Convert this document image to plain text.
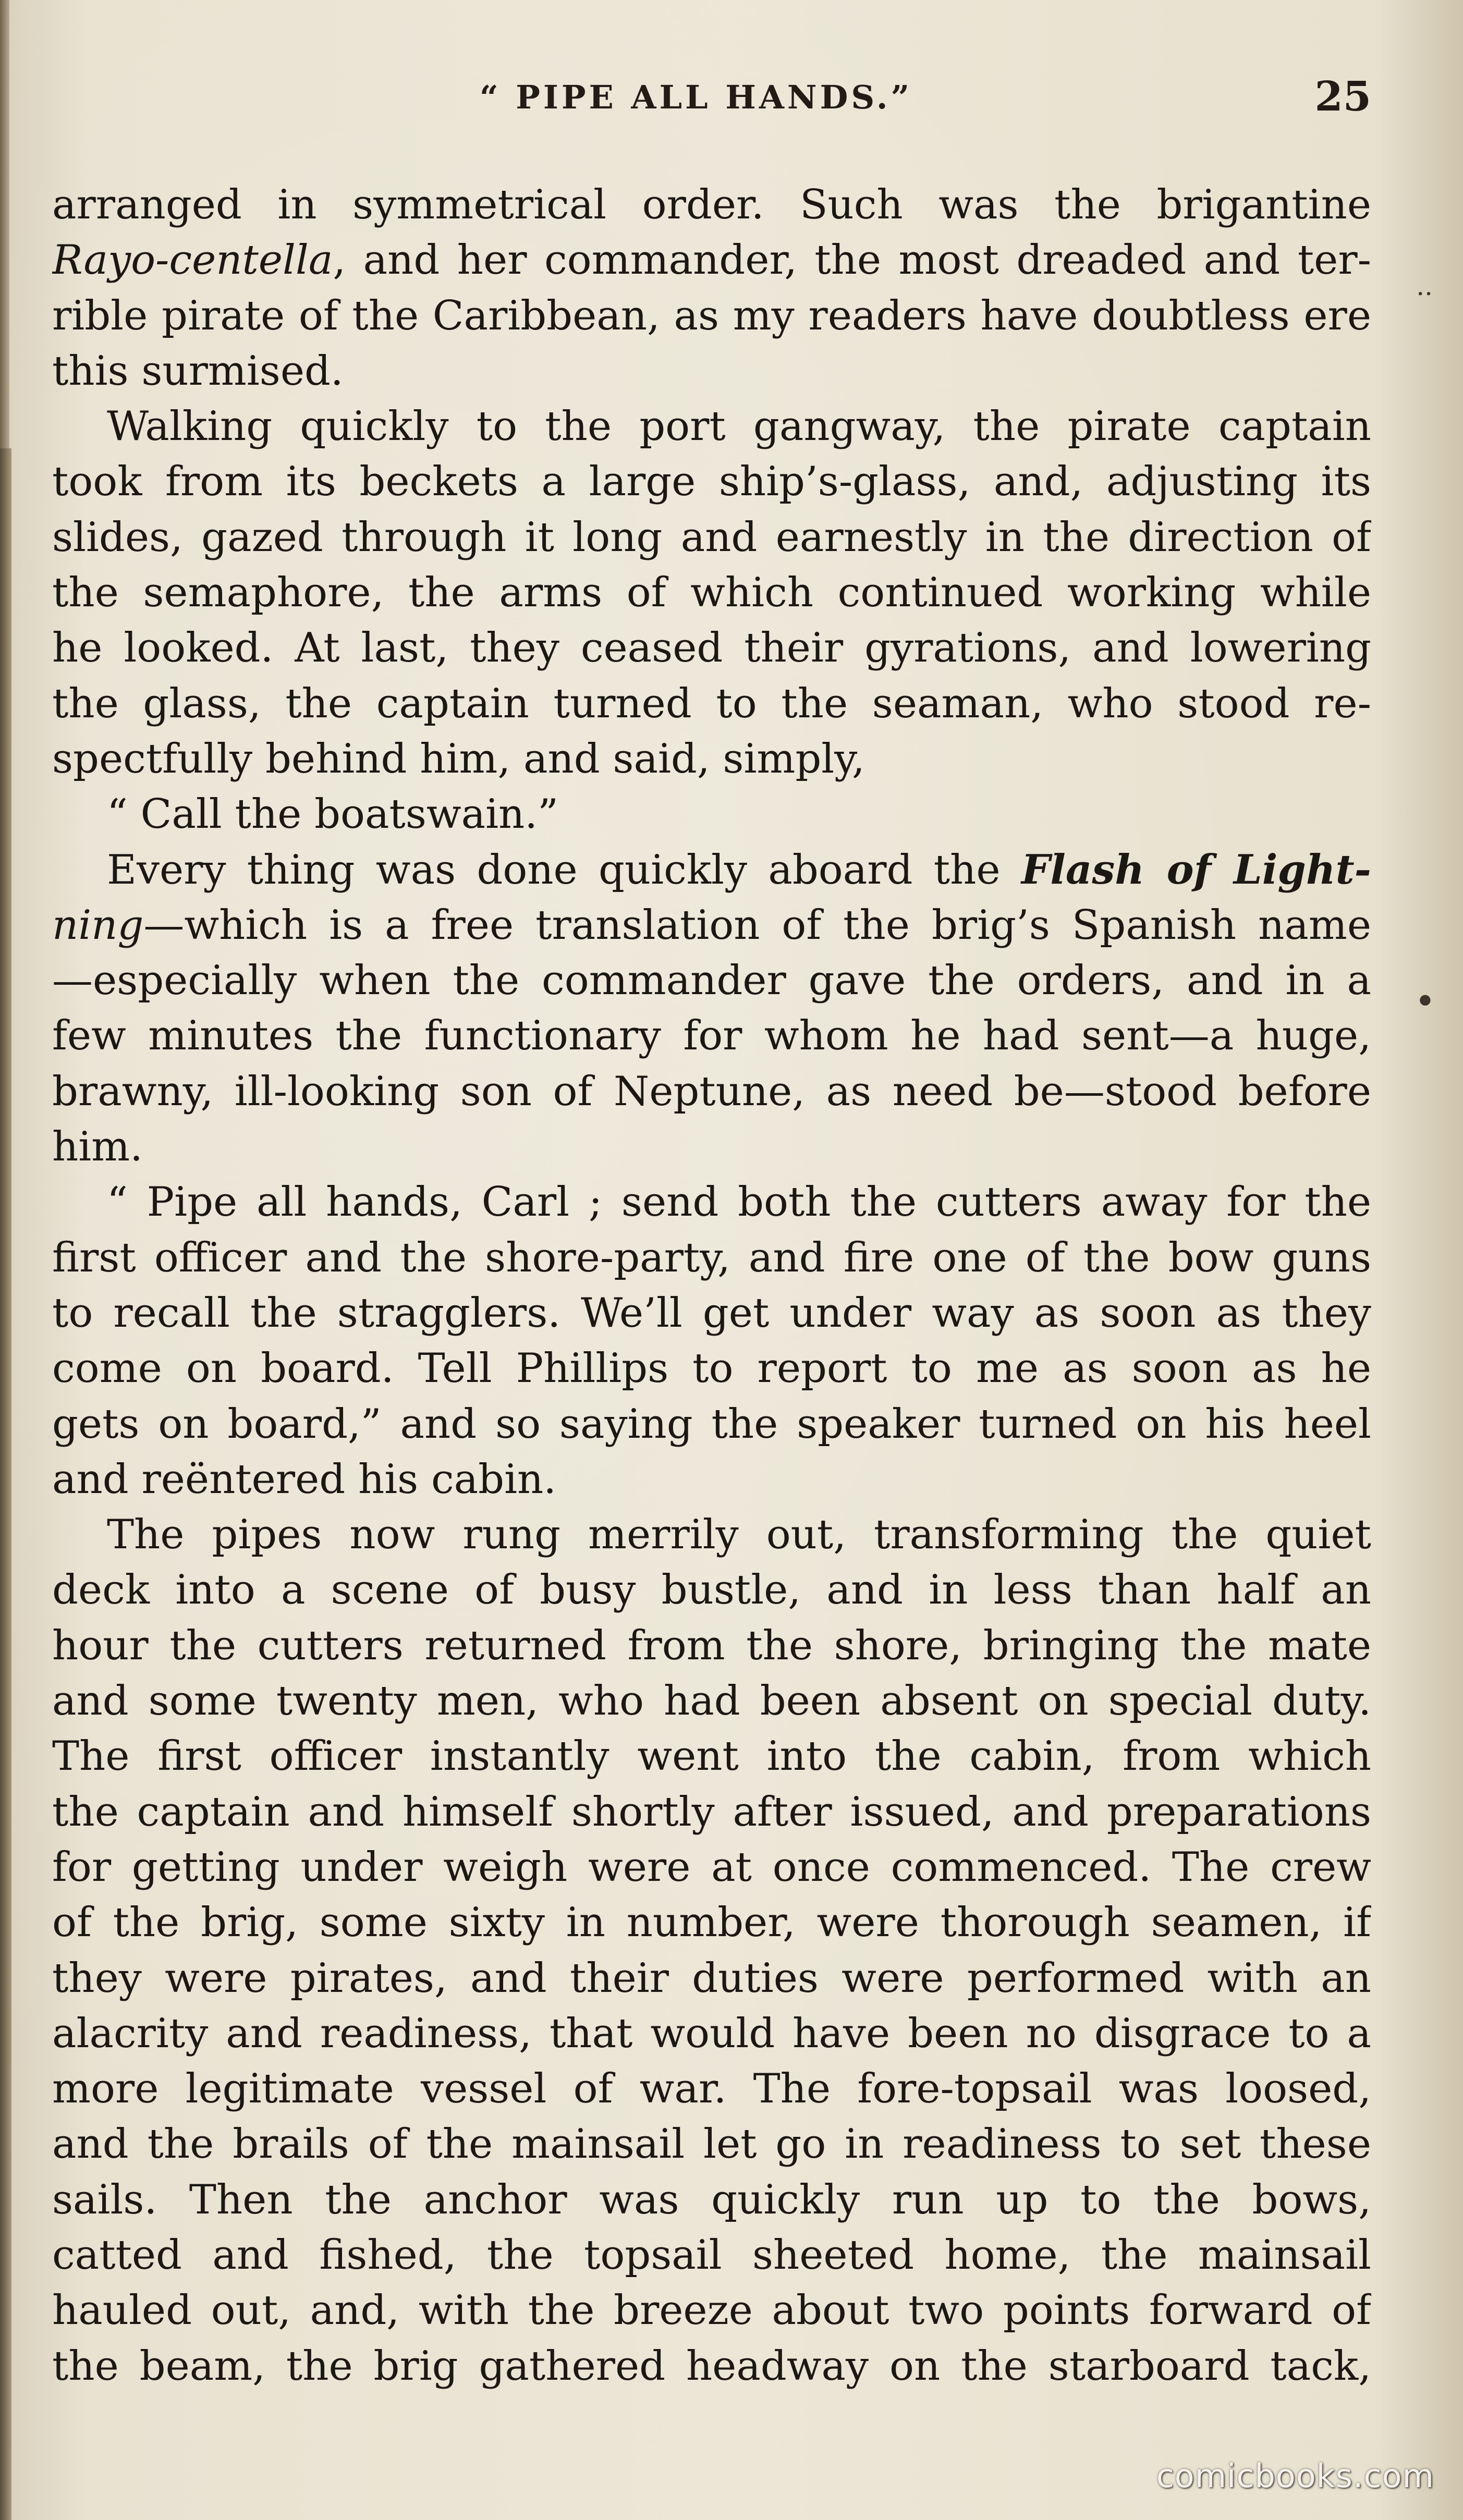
“ PIPE ALL HANDS.”	25
..
•
arranged in symmetrical order. Such was the brigantine
Rayo-centella, and her commander, the most dreaded and ter-
rible pirate of the Caribbean, as my readers have doubtless ere
this surmised.
Walking quickly to the port gangway, the pirate captain
took from its beckets a large ship’s-glass, and, adjusting its
slides, gazed through it long and earnestly in the direction of
the semaphore, the arms of which continued working while
he looked. At last, they ceased their gyrations, and lowering
the glass, the captain turned to the seaman, who stood re-
spectfully behind him, and said, simply,
“ Call the boatswain.”
Every thing was done quickly aboard the Flash of Light-
ning—which is a free translation of the brig’s Spanish name
—especially when the commander gave the orders, and in a
few minutes the functionary for whom he had sent—a huge,
brawny, ill-looking son of Neptune, as need be—stood before
him.
“ Pipe all hands, Carl ; send both the cutters away for the
first officer and the shore-party, and fire one of the bow guns
to recall the stragglers. We’ll get under way as soon as they
come on board. Tell Phillips to report to me as soon as he
gets on board,” and so saying the speaker turned on his heel
and reëntered his cabin.
The pipes now rung merrily out, transforming the quiet
deck into a scene of busy bustle, and in less than half an
hour the cutters returned from the shore, bringing the mate
and some twenty men, who had been absent on special duty.
The first officer instantly went into the cabin, from which
the captain and himself shortly after issued, and preparations
for getting under weigh were at once commenced. The crew
of the brig, some sixty in number, were thorough seamen, if
they were pirates, and their duties were performed with an
alacrity and readiness, that would have been no disgrace to a
more legitimate vessel of war. The fore-topsail was loosed,
and the brails of the mainsail let go in readiness to set these
sails. Then the anchor was quickly run up to the bows,
catted and fished, the topsail sheeted home, the mainsail
hauled out, and, with the breeze about two points forward of
the beam, the brig gathered headway on the starboard tack,
comicbooks.com
